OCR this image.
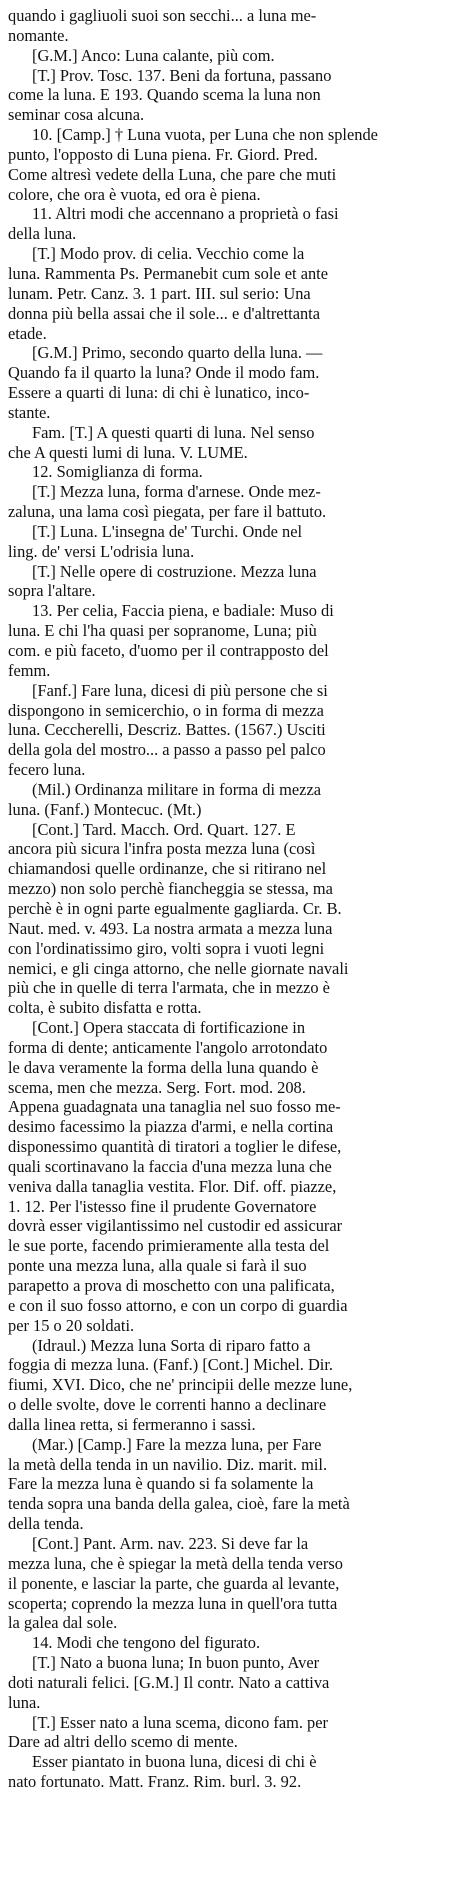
quando i gagliuoli suoi son secchi... a luna me-
nomante.
[G.M.] Anco: Luna calante, più com.
[T.] Prov. Tosc. 137. Beni da fortuna, passano
come la luna. E 193. Quando scema la luna non
seminar cosa alcuna.
10. [Camp.] † Luna vuota, per Luna che non splende
punto, l'opposto di Luna piena. Fr. Giord. Pred.
Come altresì vedete della Luna, che pare che muti
colore, che ora è vuota, ed ora è piena.
11. Altri modi che accennano a proprietà o fasi
della luna.
[T.] Modo prov. di celia. Vecchio come la
luna. Rammenta Ps. Permanebit cum sole et ante
lunam. Petr. Canz. 3. 1 part. III. sul serio: Una
donna più bella assai che il sole... e d'altrettanta
etade.
[G.M.] Primo, secondo quarto della luna. —
Quando fa il quarto la luna? Onde il modo fam.
Essere a quarti di luna: di chi è lunatico, inco-
stante.
Fam. [T.] A questi quarti di luna. Nel senso
che A questi lumi di luna. V. LUME.
12. Somiglianza di forma.
[T.] Mezza luna, forma d'arnese. Onde mez-
zaluna, una lama così piegata, per fare il battuto.
[T.] Luna. L'insegna de' Turchi. Onde nel
ling. de' versi L'odrisia luna.
[T.] Nelle opere di costruzione. Mezza luna
sopra l'altare.
13. Per celia, Faccia piena, e badiale: Muso di
luna. E chi l'ha quasi per sopranome, Luna; più
com. e più faceto, d'uomo per il contrapposto del
femm.
[Fanf.] Fare luna, dicesi di più persone che si
dispongono in semicerchio, o in forma di mezza
luna. Ceccherelli, Descriz. Battes. (1567.) Usciti
della gola del mostro... a passo a passo pel palco
fecero luna.
(Mil.) Ordinanza militare in forma di mezza
luna. (Fanf.) Montecuc. (Mt.)
[Cont.] Tard. Macch. Ord. Quart. 127. E
ancora più sicura l'infra posta mezza luna (così
chiamandosi quelle ordinanze, che si ritirano nel
mezzo) non solo perchè fiancheggia se stessa, ma
perchè è in ogni parte egualmente gagliarda. Cr. B.
Naut. med. v. 493. La nostra armata a mezza luna
con l'ordinatissimo giro, volti sopra i vuoti legni
nemici, e gli cinga attorno, che nelle giornate navali
più che in quelle di terra l'armata, che in mezzo è
colta, è subito disfatta e rotta.
[Cont.] Opera staccata di fortificazione in
forma di dente; anticamente l'angolo arrotondato
le dava veramente la forma della luna quando è
scema, men che mezza. Serg. Fort. mod. 208.
Appena guadagnata una tanaglia nel suo fosso me-
desimo facessimo la piazza d'armi, e nella cortina
disponessimo quantità di tiratori a toglier le difese,
quali scortinavano la faccia d'una mezza luna che
veniva dalla tanaglia vestita. Flor. Dif. off. piazze,
1. 12. Per l'istesso fine il prudente Governatore
dovrà esser vigilantissimo nel custodir ed assicurar
le sue porte, facendo primieramente alla testa del
ponte una mezza luna, alla quale si farà il suo
parapetto a prova di moschetto con una palificata,
e con il suo fosso attorno, e con un corpo di guardia
per 15 o 20 soldati.
(Idraul.) Mezza luna Sorta di riparo fatto a
foggia di mezza luna. (Fanf.) [Cont.] Michel. Dir.
fiumi, XVI. Dico, che ne' principii delle mezze lune,
o delle svolte, dove le correnti hanno a declinare
dalla linea retta, si fermeranno i sassi.
(Mar.) [Camp.] Fare la mezza luna, per Fare
la metà della tenda in un navilio. Diz. marit. mil.
Fare la mezza luna è quando si fa solamente la
tenda sopra una banda della galea, cioè, fare la metà
della tenda.
[Cont.] Pant. Arm. nav. 223. Si deve far la
mezza luna, che è spiegar la metà della tenda verso
il ponente, e lasciar la parte, che guarda al levante,
scoperta; coprendo la mezza luna in quell'ora tutta
la galea dal sole.
14. Modi che tengono del figurato.
[T.] Nato a buona luna; In buon punto, Aver
doti naturali felici. [G.M.] Il contr. Nato a cattiva
luna.
[T.] Esser nato a luna scema, dicono fam. per
Dare ad altri dello scemo di mente.
Esser piantato in buona luna, dicesi di chi è
nato fortunato. Matt. Franz. Rim. burl. 3. 92.
